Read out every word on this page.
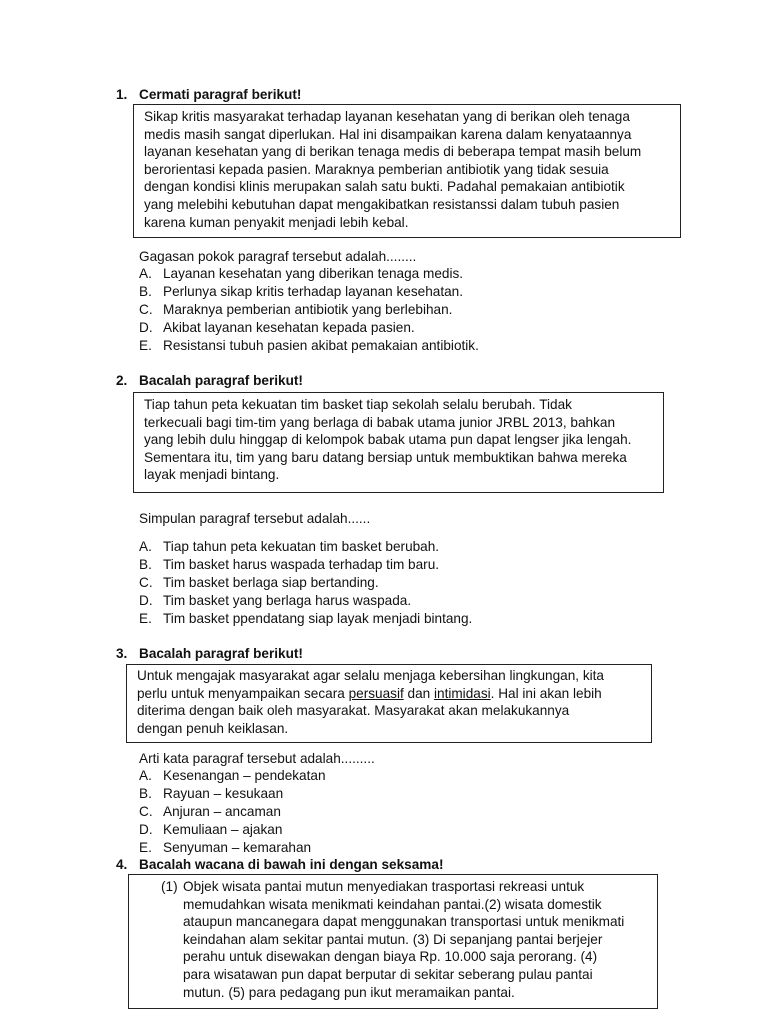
1. Cermati paragraf berikut!
Sikap kritis masyarakat terhadap layanan kesehatan yang di berikan oleh tenaga
medis masih sangat diperlukan. Hal ini disampaikan karena dalam kenyataannya
layanan kesehatan yang di berikan tenaga medis di beberapa tempat masih belum
berorientasi kepada pasien. Maraknya pemberian antibiotik yang tidak sesuia
dengan kondisi klinis merupakan salah satu bukti. Padahal pemakaian antibiotik
yang melebihi kebutuhan dapat mengakibatkan resistanssi dalam tubuh pasien
karena kuman penyakit menjadi lebih kebal.
Gagasan pokok paragraf tersebut adalah........
A. Layanan kesehatan yang diberikan tenaga medis.
B. Perlunya sikap kritis terhadap layanan kesehatan.
C. Maraknya pemberian antibiotik yang berlebihan.
D. Akibat layanan kesehatan kepada pasien.
E. Resistansi tubuh pasien akibat pemakaian antibiotik.
2. Bacalah paragraf berikut!
Tiap tahun peta kekuatan tim basket tiap sekolah selalu berubah. Tidak
terkecuali bagi tim-tim yang berlaga di babak utama junior JRBL 2013, bahkan
yang lebih dulu hinggap di kelompok babak utama pun dapat lengser jika lengah.
Sementara itu, tim yang baru datang bersiap untuk membuktikan bahwa mereka
layak menjadi bintang.
Simpulan paragraf tersebut adalah......
A. Tiap tahun peta kekuatan tim basket berubah.
B. Tim basket harus waspada terhadap tim baru.
C. Tim basket berlaga siap bertanding.
D. Tim basket yang berlaga harus waspada.
E. Tim basket ppendatang siap layak menjadi bintang.
3. Bacalah paragraf berikut!
Untuk mengajak masyarakat agar selalu menjaga kebersihan lingkungan, kita
perlu untuk menyampaikan secara persuasif dan intimidasi. Hal ini akan lebih
diterima dengan baik oleh masyarakat. Masyarakat akan melakukannya
dengan penuh keiklasan.
Arti kata paragraf tersebut adalah.........
A. Kesenangan – pendekatan
B. Rayuan – kesukaan
C. Anjuran – ancaman
D. Kemuliaan – ajakan
E. Senyuman – kemarahan
4. Bacalah wacana di bawah ini dengan seksama!
(1) Objek wisata pantai mutun menyediakan trasportasi rekreasi untuk
memudahkan wisata menikmati keindahan pantai.(2) wisata domestik
ataupun mancanegara dapat menggunakan transportasi untuk menikmati
keindahan alam sekitar pantai mutun. (3) Di sepanjang pantai berjejer
perahu untuk disewakan dengan biaya Rp. 10.000 saja perorang. (4)
para wisatawan pun dapat berputar di sekitar seberang pulau pantai
mutun. (5) para pedagang pun ikut meramaikan pantai.
